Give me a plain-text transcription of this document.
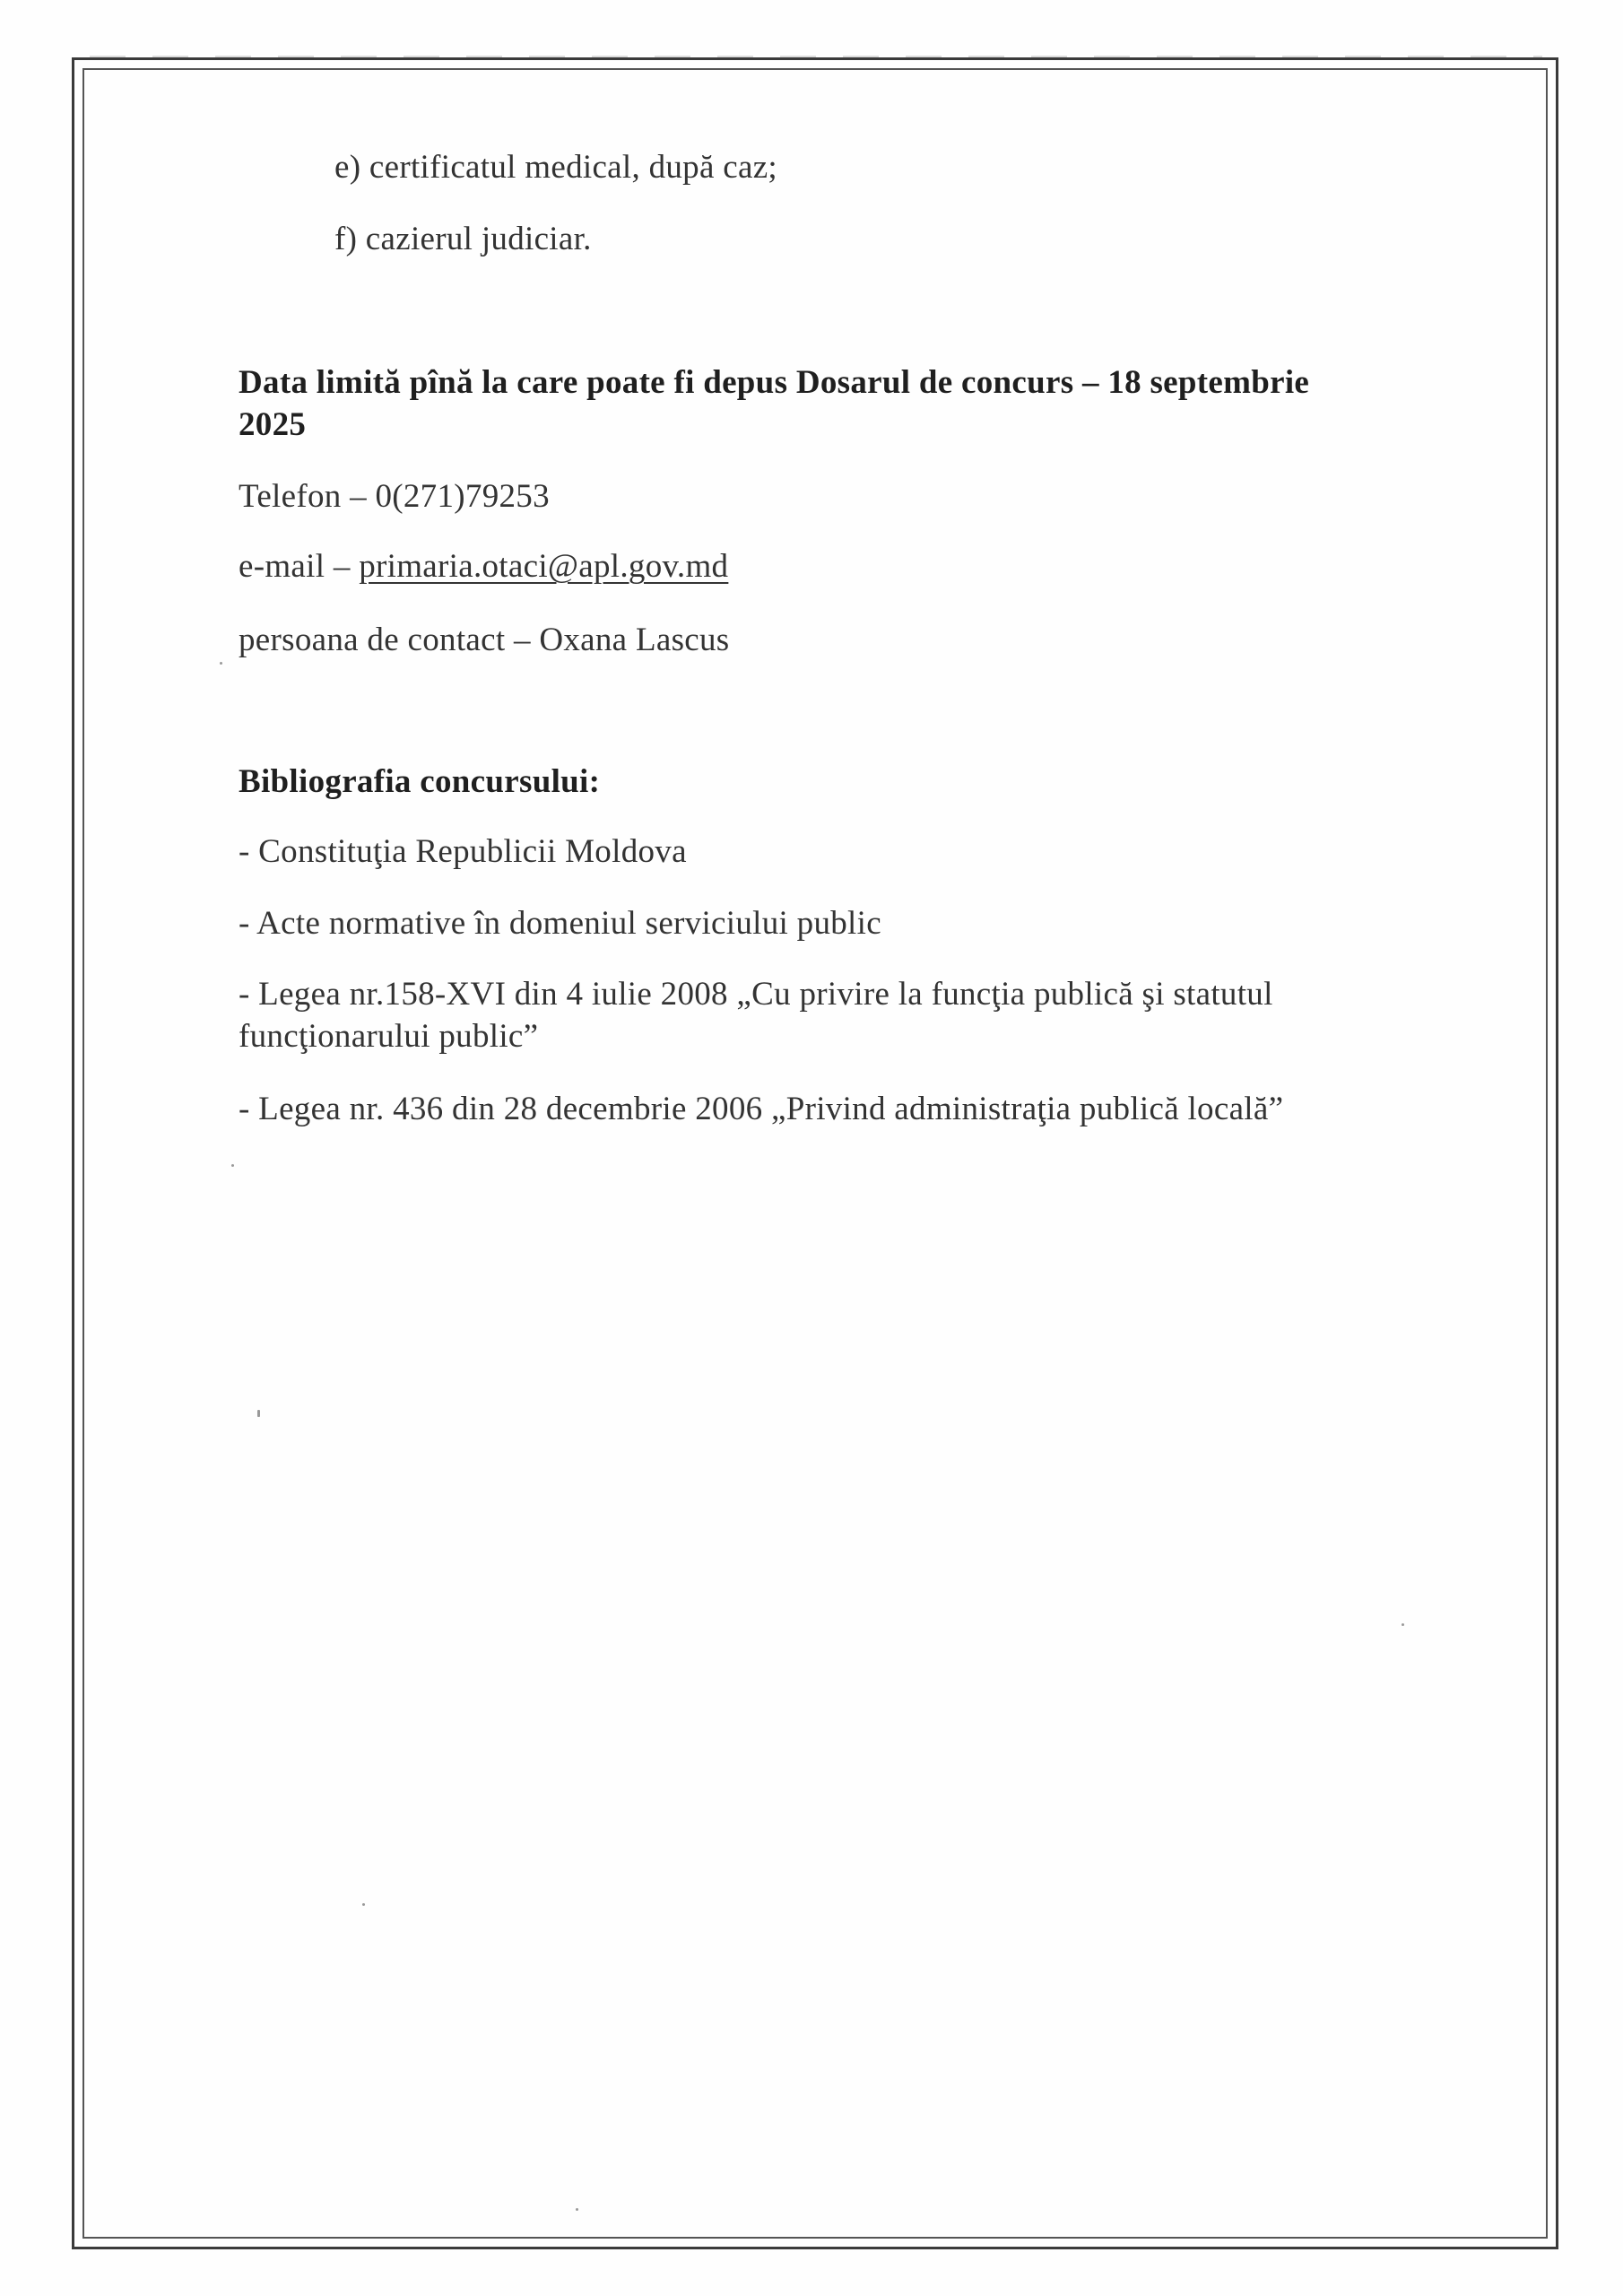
e) certificatul medical, după caz;
f) cazierul judiciar.
Data limită pînă la care poate fi depus Dosarul de concurs – 18 septembrie
2025
Telefon – 0(271)79253
e-mail – primaria.otaci@apl.gov.md
persoana de contact – Oxana Lascus
Bibliografia concursului:
- Constituţia Republicii Moldova
- Acte normative în domeniul serviciului public
- Legea nr.158-XVI din 4 iulie 2008 „Cu privire la funcţia publică şi statutul
funcţionarului public”
- Legea nr. 436 din 28 decembrie 2006 „Privind administraţia publică locală”
